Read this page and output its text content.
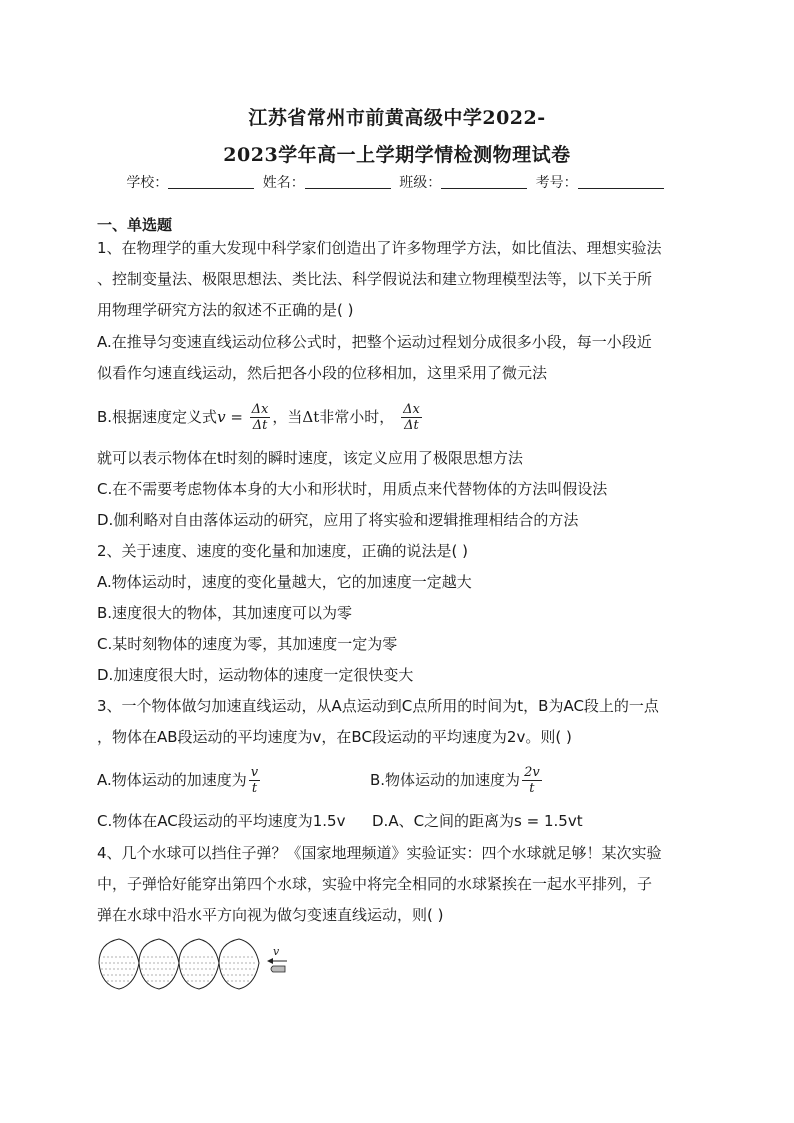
江苏省常州市前黄高级中学2022-
2023学年高一上学期学情检测物理试卷
学校：	姓名：	班级：	考号：
一、单选题
1、在物理学的重大发现中科学家们创造出了许多物理学方法，如比值法、理想实验法
、控制变量法、极限思想法、类比法、科学假说法和建立物理模型法等，以下关于所
用物理学研究方法的叙述不正确的是( )
A.在推导匀变速直线运动位移公式时，把整个运动过程划分成很多小段，每一小段近
似看作匀速直线运动，然后把各小段的位移相加，这里采用了微元法
B.根据速度定义式$v = \frac{\Delta x}{\Delta t}$ ，当Δt非常小时， $\frac{\Delta x}{\Delta t}$
就可以表示物体在t时刻的瞬时速度，该定义应用了极限思想方法
C.在不需要考虑物体本身的大小和形状时，用质点来代替物体的方法叫假设法
D.伽利略对自由落体运动的研究，应用了将实验和逻辑推理相结合的方法
2、关于速度、速度的变化量和加速度，正确的说法是( )
A.物体运动时，速度的变化量越大，它的加速度一定越大
B.速度很大的物体，其加速度可以为零
C.某时刻物体的速度为零，其加速度一定为零
D.加速度很大时，运动物体的速度一定很快变大
3、一个物体做匀加速直线运动，从A点运动到C点所用的时间为t，B为AC段上的一点
，物体在AB段运动的平均速度为v，在BC段运动的平均速度为2v。则( )
A.物体运动的加速度为 $\frac{v}{t}$	B.物体运动的加速度为 $\frac{2v}{t}$
C.物体在AC段运动的平均速度为1.5v D.A、C之间的距离为s = 1.5vt
4、几个水球可以挡住子弹？《国家地理频道》实验证实：四个水球就足够！某次实验
中，子弹恰好能穿出第四个水球，实验中将完全相同的水球紧挨在一起水平排列，子
弹在水球中沿水平方向视为做匀变速直线运动，则( )
v
